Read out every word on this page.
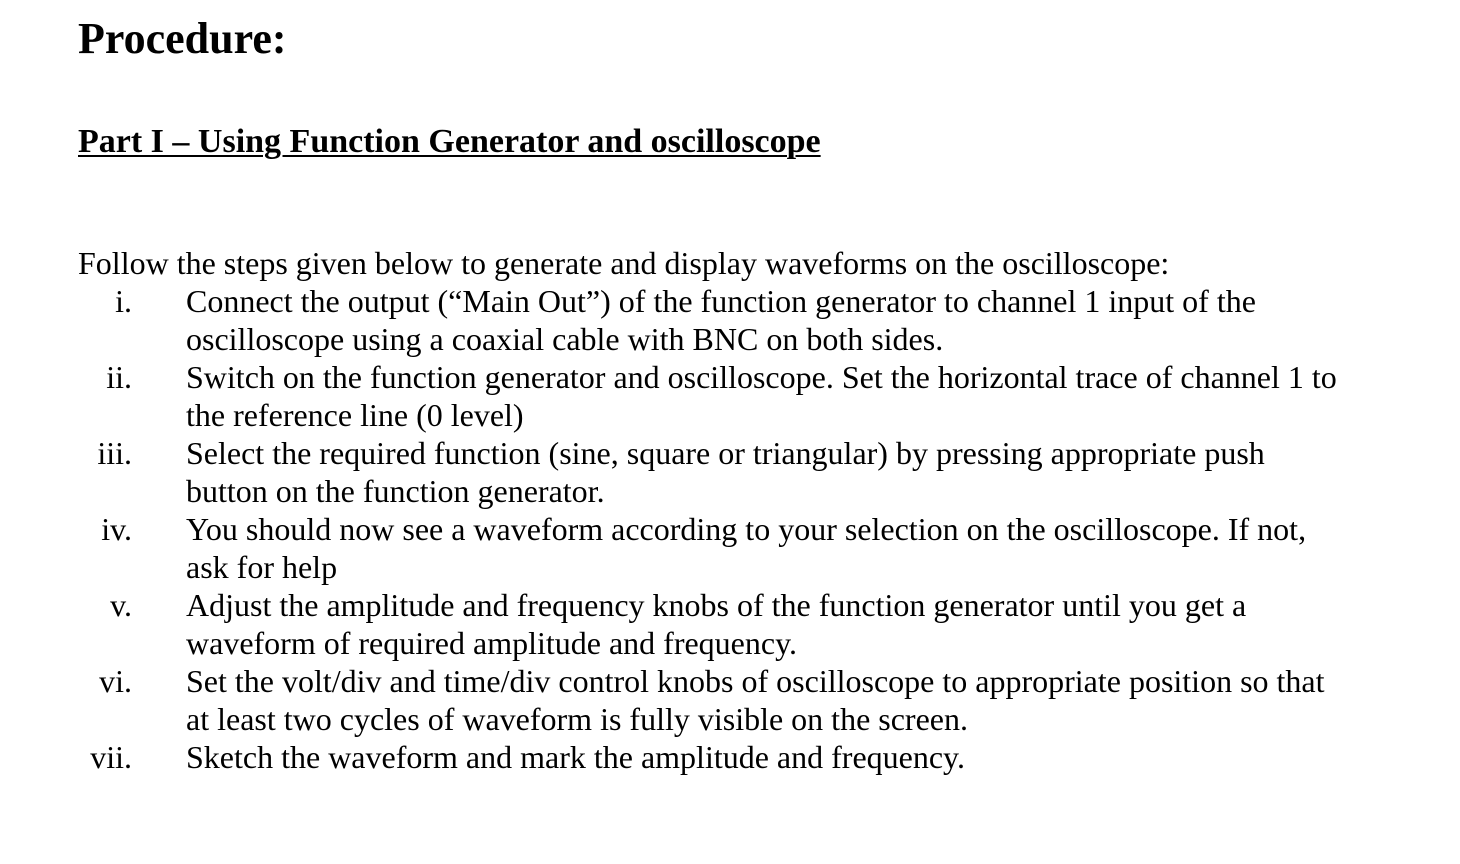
Procedure:
Part I – Using Function Generator and oscilloscope

Follow the steps given below to generate and display waveforms on the oscilloscope:

i. Connect the output (“Main Out”) of the function generator to channel 1 input of the
oscilloscope using a coaxial cable with BNC on both sides.
ii. Switch on the function generator and oscilloscope. Set the horizontal trace of channel 1 to
the reference line (0 level)
iii. Select the required function (sine, square or triangular) by pressing appropriate push
button on the function generator.
iv. You should now see a waveform according to your selection on the oscilloscope. If not,
ask for help
v. Adjust the amplitude and frequency knobs of the function generator until you get a
waveform of required amplitude and frequency.
vi. Set the volt/div and time/div control knobs of oscilloscope to appropriate position so that
at least two cycles of waveform is fully visible on the screen.
vii. Sketch the waveform and mark the amplitude and frequency.
